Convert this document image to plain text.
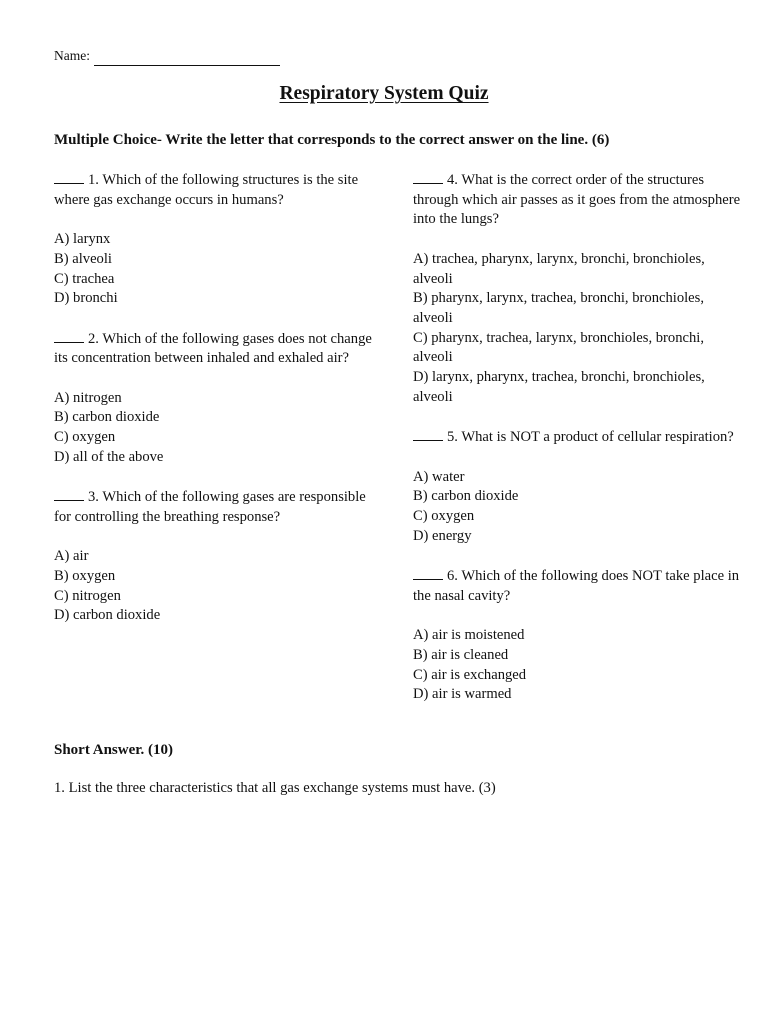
Name:
Respiratory System Quiz
Multiple Choice- Write the letter that corresponds to the correct answer on the line. (6)
1. Which of the following structures is the site where gas exchange occurs in humans?
A) larynx
B) alveoli
C) trachea
D) bronchi
2. Which of the following gases does not change its concentration between inhaled and exhaled air?
A) nitrogen
B) carbon dioxide
C) oxygen
D) all of the above
3. Which of the following gases are responsible for controlling the breathing response?
A) air
B) oxygen
C) nitrogen
D) carbon dioxide
4. What is the correct order of the structures through which air passes as it goes from the atmosphere into the lungs?
A) trachea, pharynx, larynx, bronchi, bronchioles, alveoli
B) pharynx, larynx, trachea, bronchi, bronchioles, alveoli
C) pharynx, trachea, larynx, bronchioles, bronchi, alveoli
D) larynx, pharynx, trachea, bronchi, bronchioles, alveoli
5. What is NOT a product of cellular respiration?
A) water
B) carbon dioxide
C) oxygen
D) energy
6. Which of the following does NOT take place in the nasal cavity?
A) air is moistened
B) air is cleaned
C) air is exchanged
D) air is warmed
Short Answer. (10)
1. List the three characteristics that all gas exchange systems must have. (3)
